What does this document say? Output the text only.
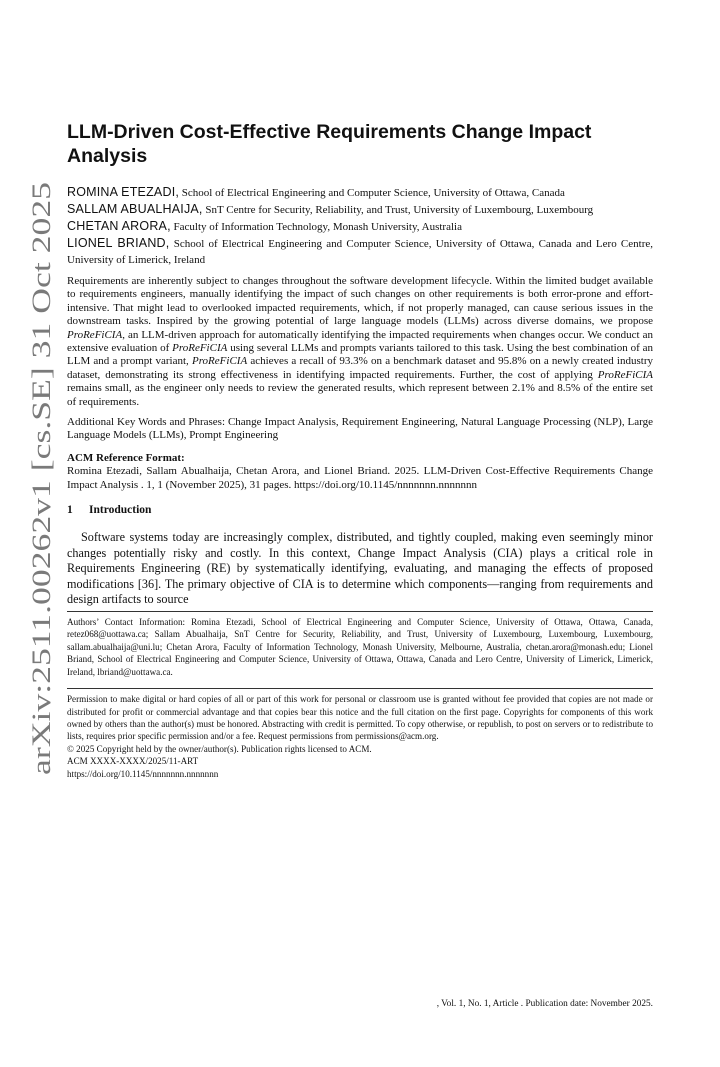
arXiv:2511.00262v1 [cs.SE] 31 Oct 2025
LLM-Driven Cost-Effective Requirements Change Impact Analysis
ROMINA ETEZADI, School of Electrical Engineering and Computer Science, University of Ottawa, Canada
SALLAM ABUALHAIJA, SnT Centre for Security, Reliability, and Trust, University of Luxembourg, Luxembourg
CHETAN ARORA, Faculty of Information Technology, Monash University, Australia
LIONEL BRIAND, School of Electrical Engineering and Computer Science, University of Ottawa, Canada and Lero Centre, University of Limerick, Ireland
Requirements are inherently subject to changes throughout the software development lifecycle. Within the limited budget available to requirements engineers, manually identifying the impact of such changes on other requirements is both error-prone and effort-intensive. That might lead to overlooked impacted requirements, which, if not properly managed, can cause serious issues in the downstream tasks. Inspired by the growing potential of large language models (LLMs) across diverse domains, we propose ProReFiCIA, an LLM-driven approach for automatically identifying the impacted requirements when changes occur. We conduct an extensive evaluation of ProReFiCIA using several LLMs and prompts variants tailored to this task. Using the best combination of an LLM and a prompt variant, ProReFiCIA achieves a recall of 93.3% on a benchmark dataset and 95.8% on a newly created industry dataset, demonstrating its strong effectiveness in identifying impacted requirements. Further, the cost of applying ProReFiCIA remains small, as the engineer only needs to review the generated results, which represent between 2.1% and 8.5% of the entire set of requirements.

Additional Key Words and Phrases: Change Impact Analysis, Requirement Engineering, Natural Language Processing (NLP), Large Language Models (LLMs), Prompt Engineering

ACM Reference Format:
Romina Etezadi, Sallam Abualhaija, Chetan Arora, and Lionel Briand. 2025. LLM-Driven Cost-Effective Requirements Change Impact Analysis . 1, 1 (November 2025), 31 pages. https://doi.org/10.1145/nnnnnnn.nnnnnnn
1 Introduction

Software systems today are increasingly complex, distributed, and tightly coupled, making even seemingly minor changes potentially risky and costly. In this context, Change Impact Analysis (CIA) plays a critical role in Requirements Engineering (RE) by systematically identifying, evaluating, and managing the effects of proposed modifications [36]. The primary objective of CIA is to determine which components—ranging from requirements and design artifacts to source

Authors’ Contact Information: Romina Etezadi, School of Electrical Engineering and Computer Science, University of Ottawa, Ottawa, Canada, retez068@uottawa.ca; Sallam Abualhaija, SnT Centre for Security, Reliability, and Trust, University of Luxembourg, Luxembourg, Luxembourg, sallam.abualhaija@uni.lu; Chetan Arora, Faculty of Information Technology, Monash University, Melbourne, Australia, chetan.arora@monash.edu; Lionel Briand, School of Electrical Engineering and Computer Science, University of Ottawa, Ottawa, Canada and Lero Centre, University of Limerick, Limerick, Ireland, lbriand@uottawa.ca.
Permission to make digital or hard copies of all or part of this work for personal or classroom use is granted without fee provided that copies are not made or distributed for profit or commercial advantage and that copies bear this notice and the full citation on the first page. Copyrights for components of this work owned by others than the author(s) must be honored. Abstracting with credit is permitted. To copy otherwise, or republish, to post on servers or to redistribute to lists, requires prior specific permission and/or a fee. Request permissions from permissions@acm.org.
© 2025 Copyright held by the owner/author(s). Publication rights licensed to ACM.
ACM XXXX-XXXX/2025/11-ART
https://doi.org/10.1145/nnnnnnn.nnnnnnn
, Vol. 1, No. 1, Article . Publication date: November 2025.
